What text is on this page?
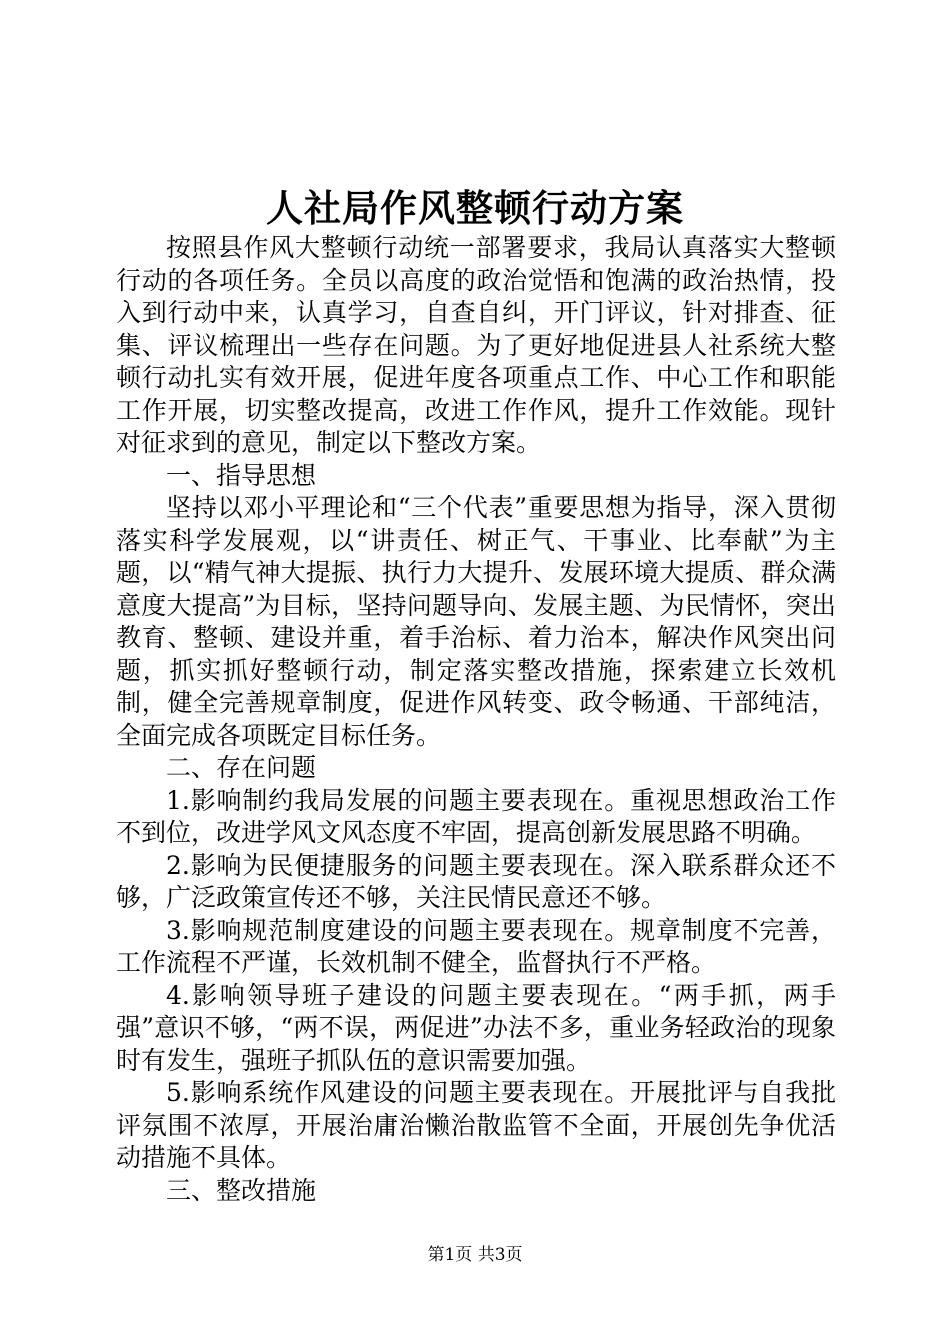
人社局作风整顿行动方案

按照县作风大整顿行动统一部署要求，我局认真落实大整顿行动的各项任务。全员以高度的政治觉悟和饱满的政治热情，投入到行动中来，认真学习，自查自纠，开门评议，针对排查、征集、评议梳理出一些存在问题。为了更好地促进县人社系统大整顿行动扎实有效开展，促进年度各项重点工作、中心工作和职能工作开展，切实整改提高，改进工作作风，提升工作效能。现针对征求到的意见，制定以下整改方案。

一、指导思想

坚持以邓小平理论和“三个代表”重要思想为指导，深入贯彻落实科学发展观，以“讲责任、树正气、干事业、比奉献”为主题，以“精气神大提振、执行力大提升、发展环境大提质、群众满意度大提高”为目标，坚持问题导向、发展主题、为民情怀，突出教育、整顿、建设并重，着手治标、着力治本，解决作风突出问题，抓实抓好整顿行动，制定落实整改措施，探索建立长效机制，健全完善规章制度，促进作风转变、政令畅通、干部纯洁，全面完成各项既定目标任务。

二、存在问题

1.影响制约我局发展的问题主要表现在。重视思想政治工作不到位，改进学风文风态度不牢固，提高创新发展思路不明确。

2.影响为民便捷服务的问题主要表现在。深入联系群众还不够，广泛政策宣传还不够，关注民情民意还不够。

3.影响规范制度建设的问题主要表现在。规章制度不完善，工作流程不严谨，长效机制不健全，监督执行不严格。

4.影响领导班子建设的问题主要表现在。“两手抓，两手强”意识不够，“两不误，两促进”办法不多，重业务轻政治的现象时有发生，强班子抓队伍的意识需要加强。

5.影响系统作风建设的问题主要表现在。开展批评与自我批评氛围不浓厚，开展治庸治懒治散监管不全面，开展创先争优活动措施不具体。

三、整改措施

第1页 共3页
